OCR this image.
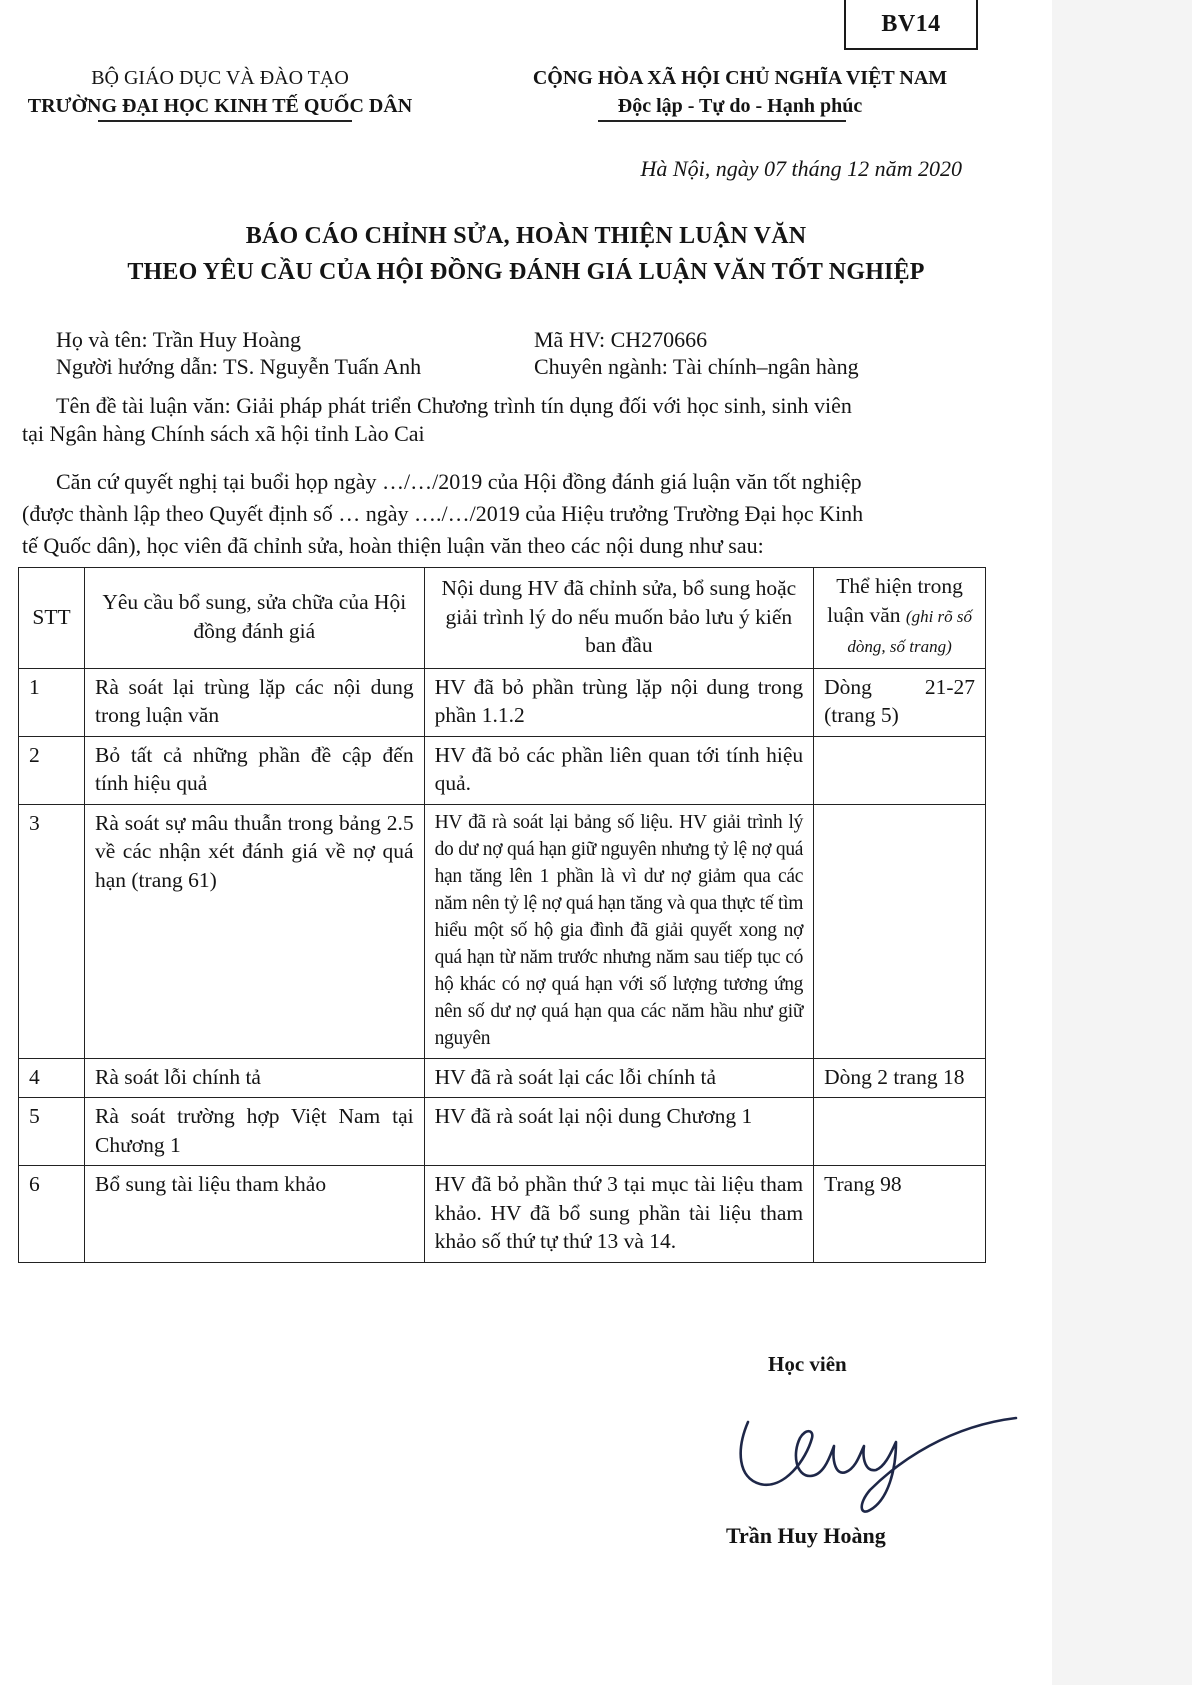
BV14
BỘ GIÁO DỤC VÀ ĐÀO TẠO
TRƯỜNG ĐẠI HỌC KINH TẾ QUỐC DÂN
CỘNG HÒA XÃ HỘI CHỦ NGHĨA VIỆT NAM
Độc lập - Tự do - Hạnh phúc
Hà Nội, ngày 07 tháng 12 năm 2020
BÁO CÁO CHỈNH SỬA, HOÀN THIỆN LUẬN VĂN
THEO YÊU CẦU CỦA HỘI ĐỒNG ĐÁNH GIÁ LUẬN VĂN TỐT NGHIỆP
Họ và tên: Trần Huy Hoàng	Mã HV: CH270666
Người hướng dẫn: TS. Nguyễn Tuấn Anh	Chuyên ngành: Tài chính–ngân hàng
Tên đề tài luận văn: Giải pháp phát triển Chương trình tín dụng đối với học sinh, sinh viên
tại Ngân hàng Chính sách xã hội tỉnh Lào Cai
Căn cứ quyết nghị tại buổi họp ngày …/…/2019 của Hội đồng đánh giá luận văn tốt nghiệp
(được thành lập theo Quyết định số … ngày …./…/2019 của Hiệu trưởng Trường Đại học Kinh
tế Quốc dân), học viên đã chỉnh sửa, hoàn thiện luận văn theo các nội dung như sau:
STT	Yêu cầu bổ sung, sửa chữa của Hội đồng đánh giá	Nội dung HV đã chỉnh sửa, bổ sung hoặc giải trình lý do nếu muốn bảo lưu ý kiến ban đầu	Thể hiện trong luận văn (ghi rõ số dòng, số trang)
1	Rà soát lại trùng lặp các nội dung trong luận văn	HV đã bỏ phần trùng lặp nội dung trong phần 1.1.2	Dòng 21-27 (trang 5)
2	Bỏ tất cả những phần đề cập đến tính hiệu quả	HV đã bỏ các phần liên quan tới tính hiệu quả.	
3	Rà soát sự mâu thuẫn trong bảng 2.5 về các nhận xét đánh giá về nợ quá hạn (trang 61)	HV đã rà soát lại bảng số liệu. HV giải trình lý do dư nợ quá hạn giữ nguyên nhưng tỷ lệ nợ quá hạn tăng lên 1 phần là vì dư nợ giảm qua các năm nên tỷ lệ nợ quá hạn tăng và qua thực tế tìm hiểu một số hộ gia đình đã giải quyết xong nợ quá hạn từ năm trước nhưng năm sau tiếp tục có hộ khác có nợ quá hạn với số lượng tương ứng nên số dư nợ quá hạn qua các năm hầu như giữ nguyên	
4	Rà soát lỗi chính tả	HV đã rà soát lại các lỗi chính tả	Dòng 2 trang 18
5	Rà soát trường hợp Việt Nam tại Chương 1	HV đã rà soát lại nội dung Chương 1	
6	Bổ sung tài liệu tham khảo	HV đã bỏ phần thứ 3 tại mục tài liệu tham khảo. HV đã bổ sung phần tài liệu tham khảo số thứ tự thứ 13 và 14.	Trang 98
Học viên
Trần Huy Hoàng
